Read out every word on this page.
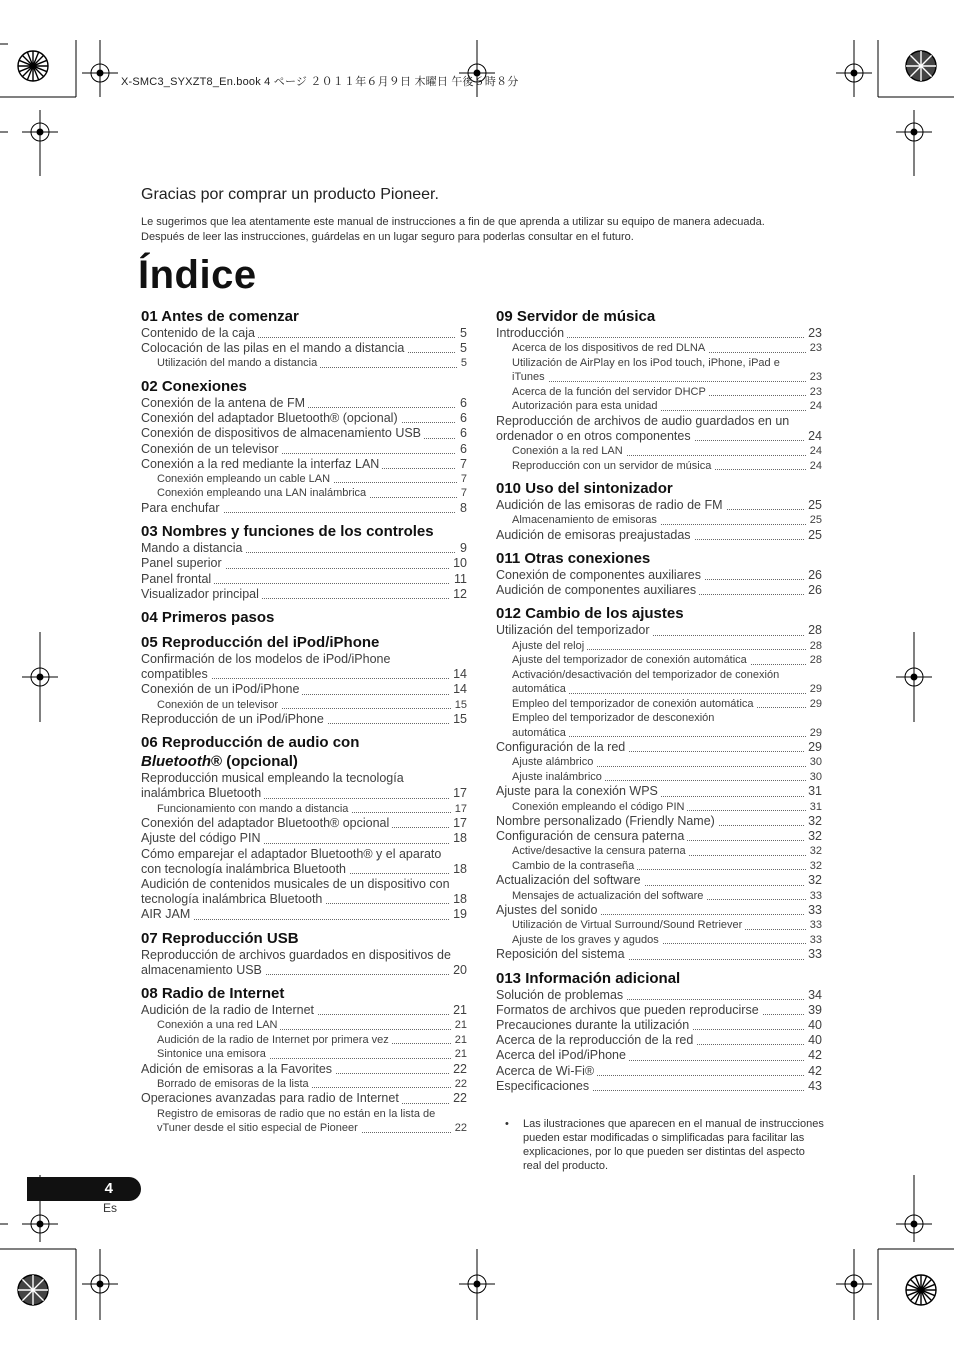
X-SMC3_SYXZT8_En.book 4 ページ ２０１１年６月９日 木曜日 午後６時８分
Gracias por comprar un producto Pioneer.
Le sugerimos que lea atentamente este manual de instrucciones a fin de que aprenda a utilizar su equipo de manera adecuada.
Después de leer las instrucciones, guárdelas en un lugar seguro para poderlas consultar en el futuro.
Índice
01 Antes de comenzar
Contenido de la caja	5
Colocación de las pilas en el mando a distancia	5
Utilización del mando a distancia	5
02 Conexiones
Conexión de la antena de FM	6
Conexión del adaptador Bluetooth® (opcional)	6
Conexión de dispositivos de almacenamiento USB	6
Conexión de un televisor	6
Conexión a la red mediante la interfaz LAN	7
Conexión empleando un cable LAN	7
Conexión empleando una LAN inalámbrica	7
Para enchufar	8
03 Nombres y funciones de los controles
Mando a distancia	9
Panel superior	10
Panel frontal	11
Visualizador principal	12
04 Primeros pasos
05 Reproducción del iPod/iPhone
Confirmación de los modelos de iPod/iPhone
compatibles	14
Conexión de un iPod/iPhone	14
Conexión de un televisor	15
Reproducción de un iPod/iPhone	15
06 Reproducción de audio con
Bluetooth® (opcional)
Reproducción musical empleando la tecnología
inalámbrica Bluetooth	17
Funcionamiento con mando a distancia	17
Conexión del adaptador Bluetooth® opcional	17
Ajuste del código PIN	18
Cómo emparejar el adaptador Bluetooth® y el aparato
con tecnología inalámbrica Bluetooth	18
Audición de contenidos musicales de un dispositivo con
tecnología inalámbrica Bluetooth	18
AIR JAM	19
07 Reproducción USB
Reproducción de archivos guardados en dispositivos de
almacenamiento USB	20
08 Radio de Internet
Audición de la radio de Internet	21
Conexión a una red LAN	21
Audición de la radio de Internet por primera vez	21
Sintonice una emisora	21
Adición de emisoras a la Favorites	22
Borrado de emisoras de la lista	22
Operaciones avanzadas para radio de Internet	22
Registro de emisoras de radio que no están en la lista de
vTuner desde el sitio especial de Pioneer	22
09 Servidor de música
Introducción	23
Acerca de los dispositivos de red DLNA	23
Utilización de AirPlay en los iPod touch, iPhone, iPad e
iTunes	23
Acerca de la función del servidor DHCP	23
Autorización para esta unidad	24
Reproducción de archivos de audio guardados en un
ordenador o en otros componentes	24
Conexión a la red LAN	24
Reproducción con un servidor de música	24
010 Uso del sintonizador
Audición de las emisoras de radio de FM	25
Almacenamiento de emisoras	25
Audición de emisoras preajustadas	25
011 Otras conexiones
Conexión de componentes auxiliares	26
Audición de componentes auxiliares	26
012 Cambio de los ajustes
Utilización del temporizador	28
Ajuste del reloj	28
Ajuste del temporizador de conexión automática	28
Activación/desactivación del temporizador de conexión
automática	29
Empleo del temporizador de conexión automática	29
Empleo del temporizador de desconexión
automática	29
Configuración de la red	29
Ajuste alámbrico	30
Ajuste inalámbrico	30
Ajuste para la conexión WPS	31
Conexión empleando el código PIN	31
Nombre personalizado (Friendly Name)	32
Configuración de censura paterna	32
Active/desactive la censura paterna	32
Cambio de la contraseña	32
Actualización del software	32
Mensajes de actualización del software	33
Ajustes del sonido	33
Utilización de Virtual Surround/Sound Retriever	33
Ajuste de los graves y agudos	33
Reposición del sistema	33
013 Información adicional
Solución de problemas	34
Formatos de archivos que pueden reproducirse	39
Precauciones durante la utilización	40
Acerca de la reproducción de la red	40
Acerca del iPod/iPhone	42
Acerca de Wi-Fi®	42
Especificaciones	43
•	Las ilustraciones que aparecen en el manual de instrucciones pueden estar modificadas o simplificadas para facilitar las explicaciones, por lo que pueden ser distintas del aspecto real del producto.
4
Es
